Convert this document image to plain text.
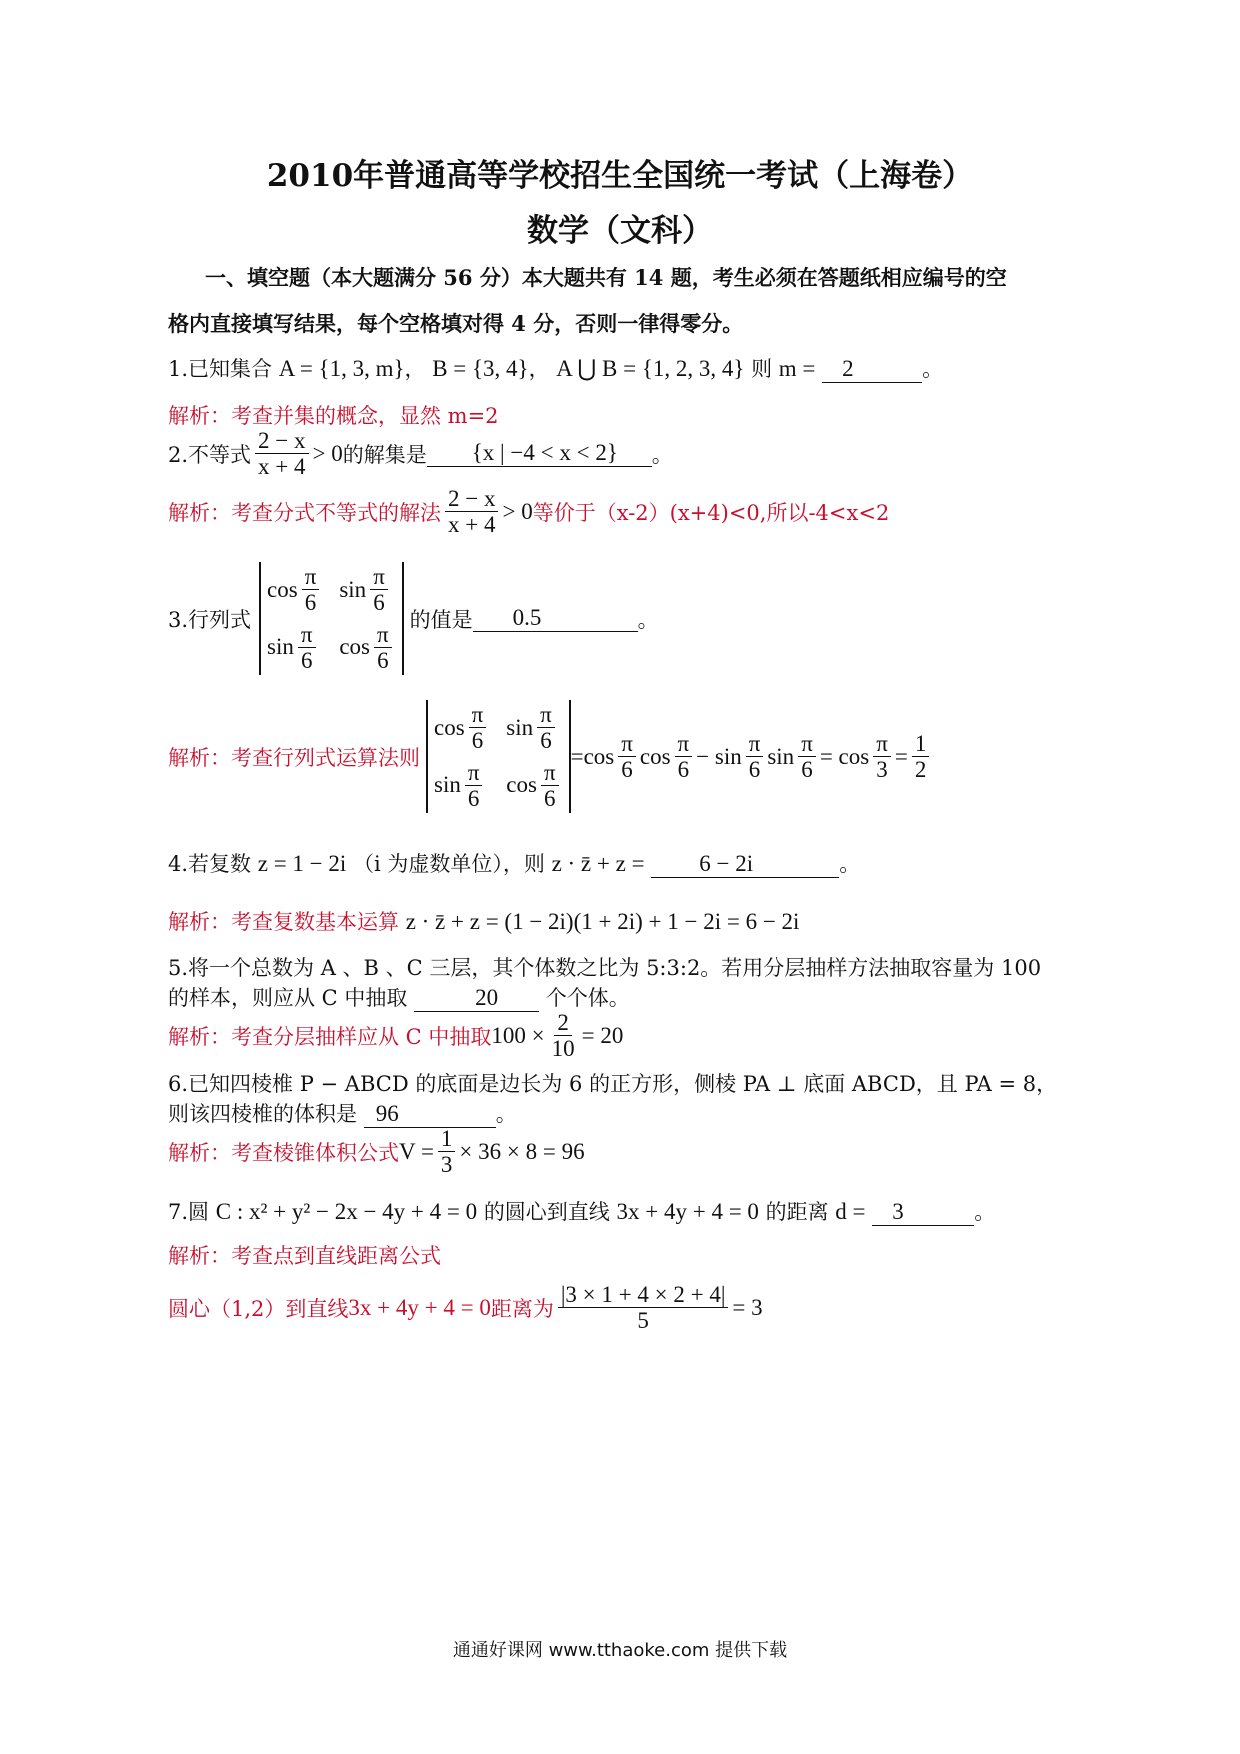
2010年普通高等学校招生全国统一考试（上海卷）
数学（文科）
一、填空题（本大题满分 56 分）本大题共有 14 题，考生必须在答题纸相应编号的空
格内直接填写结果，每个空格填对得 4 分，否则一律得零分。
1.已知集合 A = {1, 3, m}， B = {3, 4}， A ⋃ B = {1, 2, 3, 4} 则 m = 2	。
解析：考查并集的概念，显然 m=2
2.不等式 $\frac{2 - x}{x + 4} > 0$ 的解集是	{x | −4 < x < 2}	。
解析：考查分式不等式的解法 $\frac{2 - x}{x + 4} > 0$ 等价于（x-2）(x+4)<0,所以-4<x<2
3.行列式
$\cos \frac{\pi}{6}$ $\sin \frac{\pi}{6}$
$\sin \frac{\pi}{6}$ $\cos \frac{\pi}{6}$
的值是	0.5	。
解析：考查行列式运算法则
$\cos \frac{\pi}{6}$ $\sin \frac{\pi}{6}$
$\sin \frac{\pi}{6}$ $\cos \frac{\pi}{6}$
$=\cos \frac{\pi}{6}$ $\cos \frac{\pi}{6} - \sin \frac{\pi}{6}$ $\sin \frac{\pi}{6} = \cos \frac{\pi}{3} = \frac{1}{2}$
4.若复数 z = 1 − 2i （i 为虚数单位），则 z · z̄ + z = 6 − 2i	。
解析：考查复数基本运算 z · z̄ + z = (1 − 2i)(1 + 2i) + 1 − 2i = 6 − 2i
5.将一个总数为 A 、B 、C 三层，其个体数之比为 5:3:2。若用分层抽样方法抽取容量为 100
的样本，则应从 C 中抽取	20 个个体。
解析：考查分层抽样应从 C 中抽取 $100 \times \frac{2}{10} = 20$
6.已知四棱椎 P − ABCD 的底面是边长为 6 的正方形，侧棱 PA ⊥ 底面 ABCD，且 PA = 8，
则该四棱椎的体积是 96	。
解析：考查棱锥体积公式 $V = \frac{1}{3} \times 36 \times 8 = 96$
7.圆 C : x² + y² − 2x − 4y + 4 = 0 的圆心到直线 3x + 4y + 4 = 0 的距离 d = 3	。
解析：考查点到直线距离公式
圆心（1,2）到直线 3x + 4y + 4 = 0 距离为 $\frac{|3 \times 1 + 4 \times 2 + 4|}{5} = 3$
通通好课网 www.tthaoke.com 提供下载
